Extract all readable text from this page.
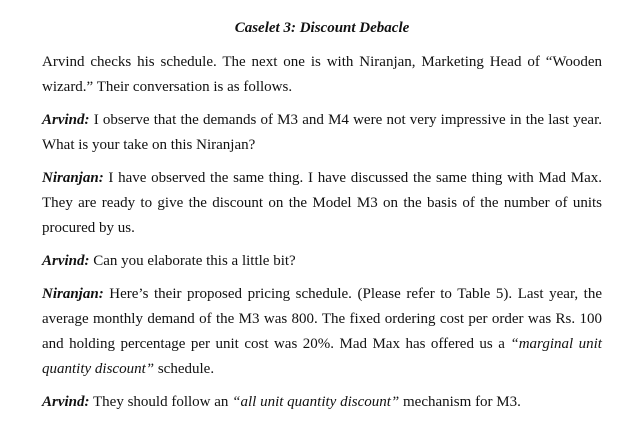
Caselet 3: Discount Debacle

Arvind checks his schedule. The next one is with Niranjan, Marketing Head of “Wooden wizard.” Their conversation is as follows.

Arvind: I observe that the demands of M3 and M4 were not very impressive in the last year. What is your take on this Niranjan?

Niranjan: I have observed the same thing. I have discussed the same thing with Mad Max. They are ready to give the discount on the Model M3 on the basis of the number of units procured by us.

Arvind: Can you elaborate this a little bit?

Niranjan: Here’s their proposed pricing schedule. (Please refer to Table 5). Last year, the average monthly demand of the M3 was 800. The fixed ordering cost per order was Rs. 100 and holding percentage per unit cost was 20%. Mad Max has offered us a “marginal unit quantity discount” schedule.

Arvind: They should follow an “all unit quantity discount” mechanism for M3.
